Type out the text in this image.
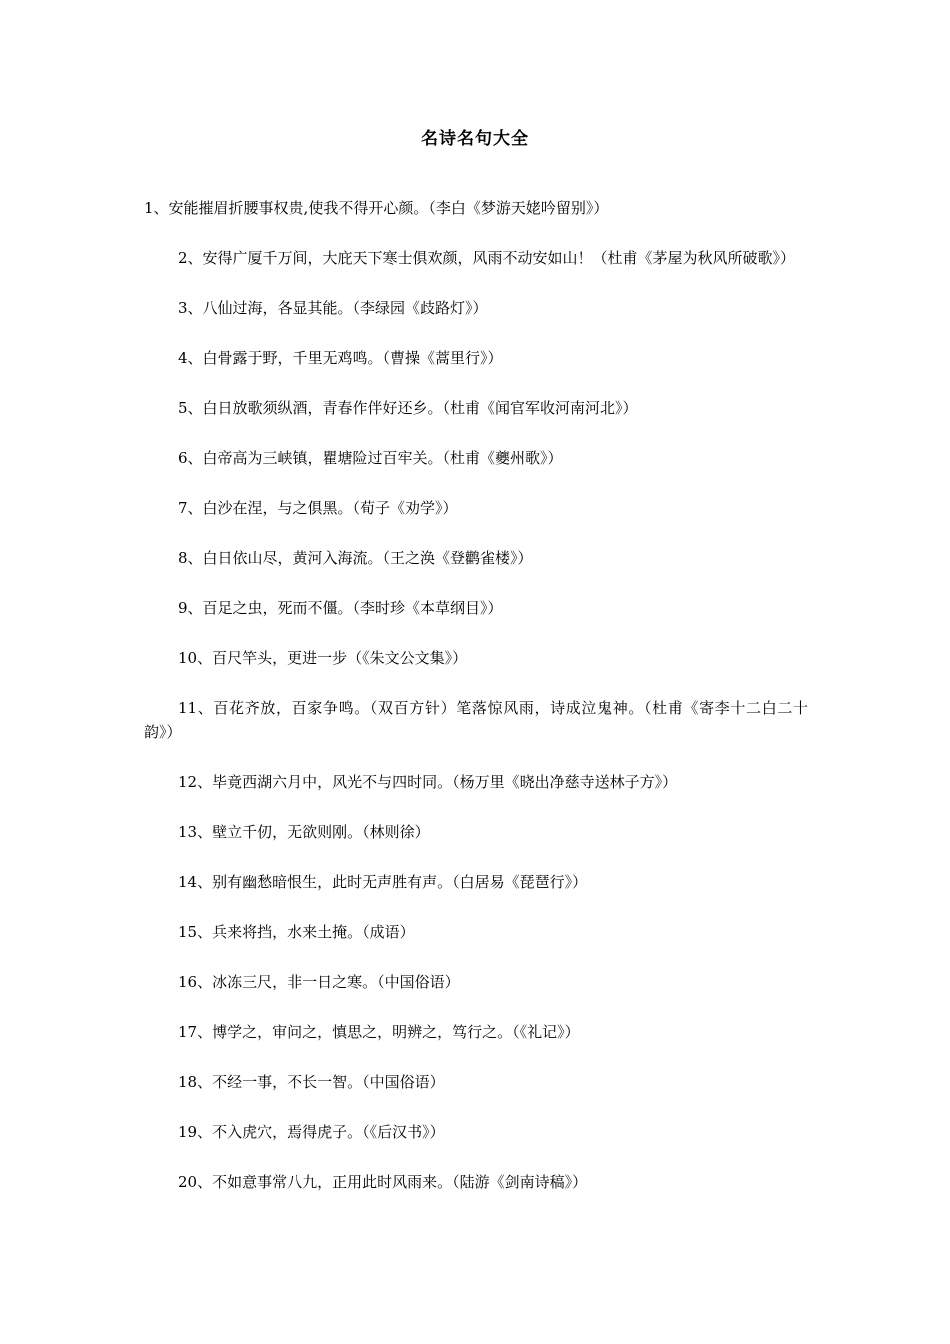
名诗名句大全

1、安能摧眉折腰事权贵,使我不得开心颜。（李白《梦游天姥吟留别》）

2、安得广厦千万间，大庇天下寒士俱欢颜，风雨不动安如山！（杜甫《茅屋为秋风所破歌》）

3、八仙过海，各显其能。（李绿园《歧路灯》）

4、白骨露于野，千里无鸡鸣。（曹操《蒿里行》）

5、白日放歌须纵酒，青春作伴好还乡。（杜甫《闻官军收河南河北》）

6、白帝高为三峡镇，瞿塘险过百牢关。（杜甫《夔州歌》）

7、白沙在涅，与之俱黑。（荀子《劝学》）

8、白日依山尽，黄河入海流。（王之涣《登鹳雀楼》）

9、百足之虫，死而不僵。（李时珍《本草纲目》）

10、百尺竿头，更进一步（《朱文公文集》）

11、百花齐放，百家争鸣。（双百方针）笔落惊风雨，诗成泣鬼神。（杜甫《寄李十二白二十韵》）

12、毕竟西湖六月中，风光不与四时同。（杨万里《晓出净慈寺送林子方》）

13、壁立千仞，无欲则刚。（林则徐）

14、别有幽愁暗恨生，此时无声胜有声。（白居易《琵琶行》）

15、兵来将挡，水来土掩。（成语）

16、冰冻三尺，非一日之寒。（中国俗语）

17、博学之，审问之，慎思之，明辨之，笃行之。（《礼记》）

18、不经一事，不长一智。（中国俗语）

19、不入虎穴，焉得虎子。（《后汉书》）

20、不如意事常八九，正用此时风雨来。（陆游《剑南诗稿》）
